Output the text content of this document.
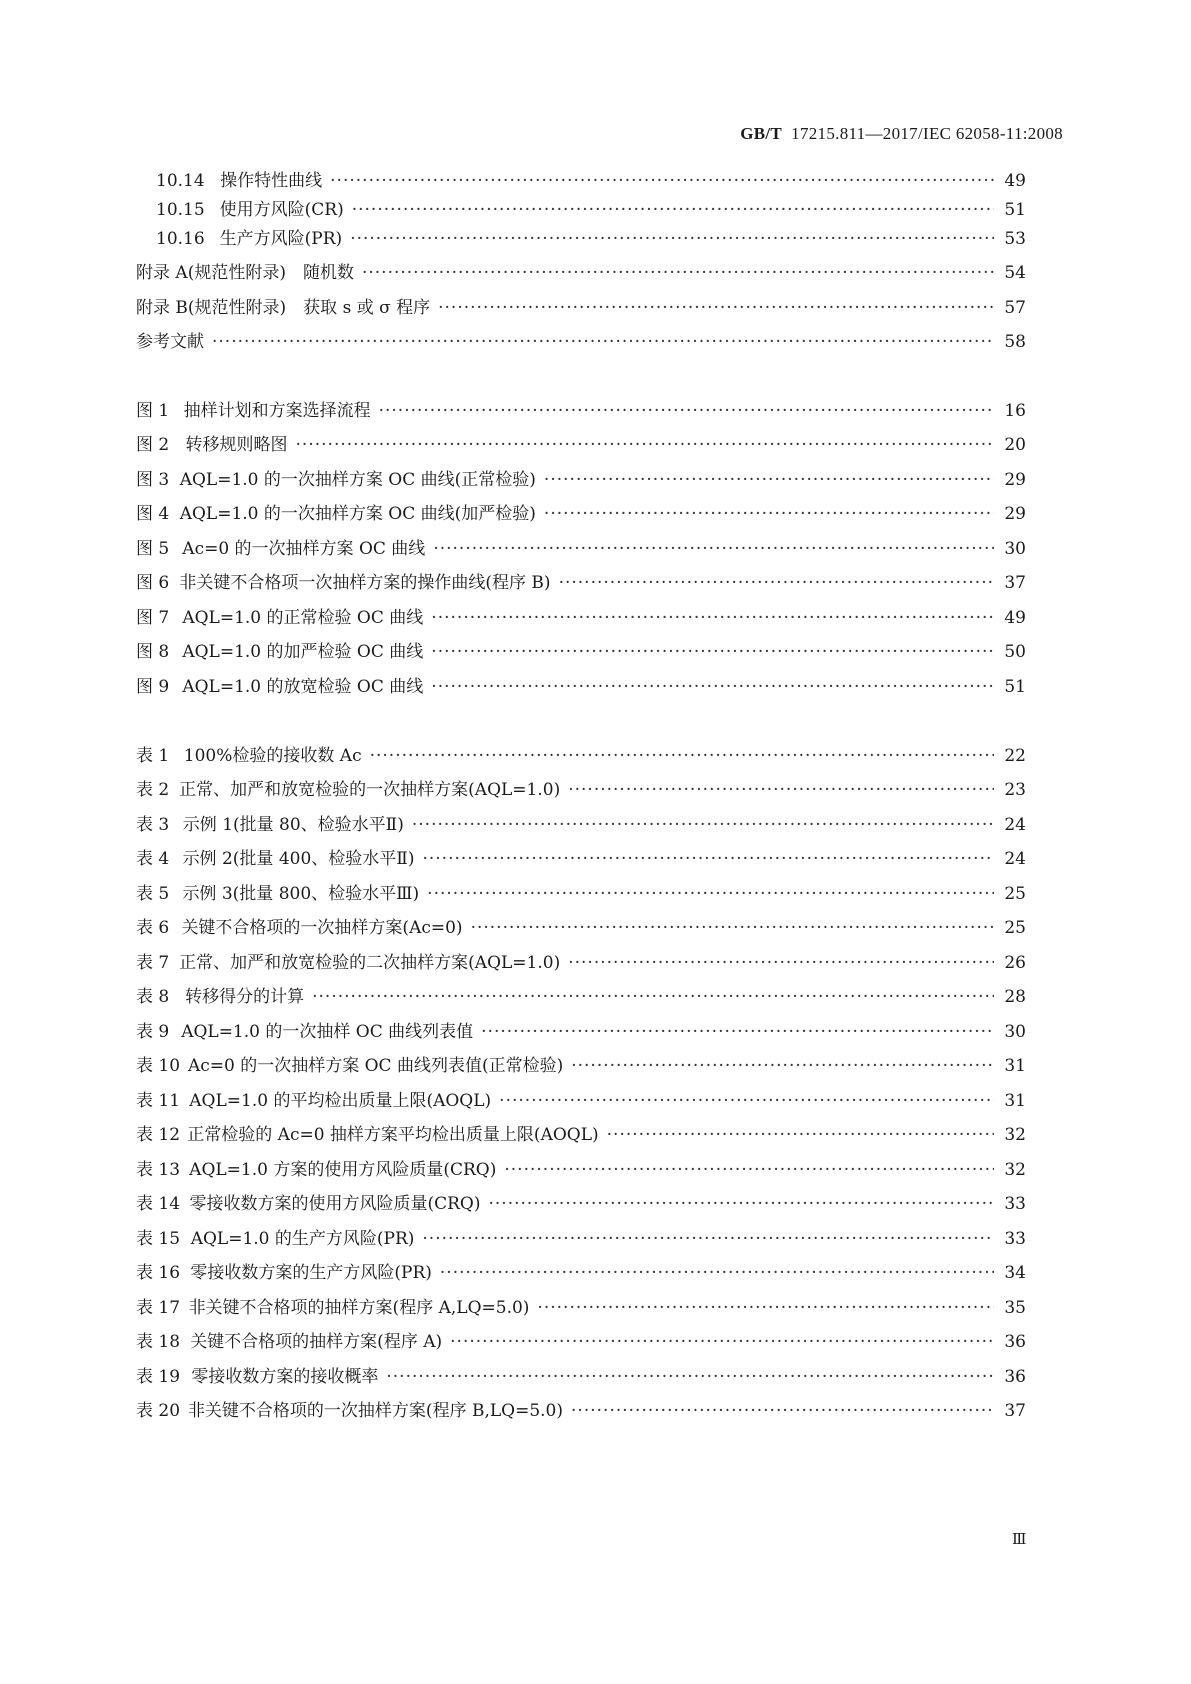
GB/T 17215.811—2017/IEC 62058-11:2008
10.14 操作特性曲线 ·····	49
10.15 使用方风险(CR) ·····	51
10.16 生产方风险(PR) ·····	53
附录 A (规范性附录)　随机数 ·····	54
附录 B (规范性附录)　获取 s 或 σ 程序 ·····	57
参考文献 ·····	58
图 1 抽样计划和方案选择流程 ·····	16
图 2 转移规则略图 ·····	20
图 3 AQL=1.0 的一次抽样方案 OC 曲线(正常检验) ·····	29
图 4 AQL=1.0 的一次抽样方案 OC 曲线(加严检验) ·····	29
图 5 Ac=0 的一次抽样方案 OC 曲线 ·····	30
图 6 非关键不合格项一次抽样方案的操作曲线(程序 B) ·····	37
图 7 AQL=1.0 的正常检验 OC 曲线 ·····	49
图 8 AQL=1.0 的加严检验 OC 曲线 ·····	50
图 9 AQL=1.0 的放宽检验 OC 曲线 ·····	51
表 1 100%检验的接收数 Ac ·····	22
表 2 正常、加严和放宽检验的一次抽样方案(AQL=1.0) ·····	23
表 3 示例 1(批量 80、检验水平Ⅱ) ·····	24
表 4 示例 2(批量 400、检验水平Ⅱ) ·····	24
表 5 示例 3(批量 800、检验水平Ⅲ) ·····	25
表 6 关键不合格项的一次抽样方案(Ac=0) ·····	25
表 7 正常、加严和放宽检验的二次抽样方案(AQL=1.0) ·····	26
表 8 转移得分的计算 ·····	28
表 9 AQL=1.0 的一次抽样 OC 曲线列表值 ·····	30
表 10 Ac=0 的一次抽样方案 OC 曲线列表值(正常检验) ·····	31
表 11 AQL=1.0 的平均检出质量上限(AOQL) ·····	31
表 12 正常检验的 Ac=0 抽样方案平均检出质量上限(AOQL) ·····	32
表 13 AQL=1.0 方案的使用方风险质量(CRQ) ·····	32
表 14 零接收数方案的使用方风险质量(CRQ) ·····	33
表 15 AQL=1.0 的生产方风险(PR) ·····	33
表 16 零接收数方案的生产方风险(PR) ·····	34
表 17 非关键不合格项的抽样方案(程序 A,LQ=5.0) ·····	35
表 18 关键不合格项的抽样方案(程序 A) ·····	36
表 19 零接收数方案的接收概率 ·····	36
表 20 非关键不合格项的一次抽样方案(程序 B,LQ=5.0) ·····	37
Ⅲ
